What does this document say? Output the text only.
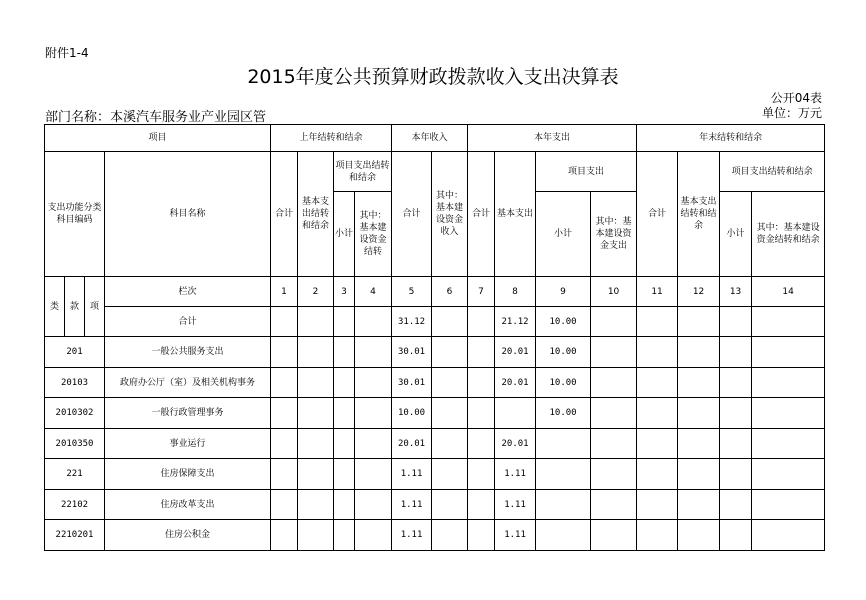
附件1-4
2015年度公共预算财政拨款收入支出决算表
公开04表
部门名称：本溪汽车服务业产业园区管	单位：万元
项目				上年结转和结余				本年收入		本年支出				年末结转和结余			
支出功能分类科目编码			科目名称	合计	基本支出结转和结余	项目支出结转和结余		合计	其中：基本建设资金收入	合计	基本支出	项目支出		合计	基本支出结转和结余	项目支出结转和结余	
						小计	其中：基本建设资金结转					小计	其中：基本建设资金支出			小计	其中：基本建设资金结转和结余
类	款	项	栏次	1	2	3	4	5	6	7	8	9	10	11	12	13	14
			合计					31.12			21.12	10.00					
201			一般公共服务支出					30.01			20.01	10.00					
20103			政府办公厅（室）及相关机构事务					30.01			20.01	10.00					
2010302			一般行政管理事务					10.00				10.00					
2010350			事业运行					20.01			20.01						
221			住房保障支出					1.11			1.11						
22102			住房改革支出					1.11			1.11						
2210201			住房公积金					1.11			1.11						
